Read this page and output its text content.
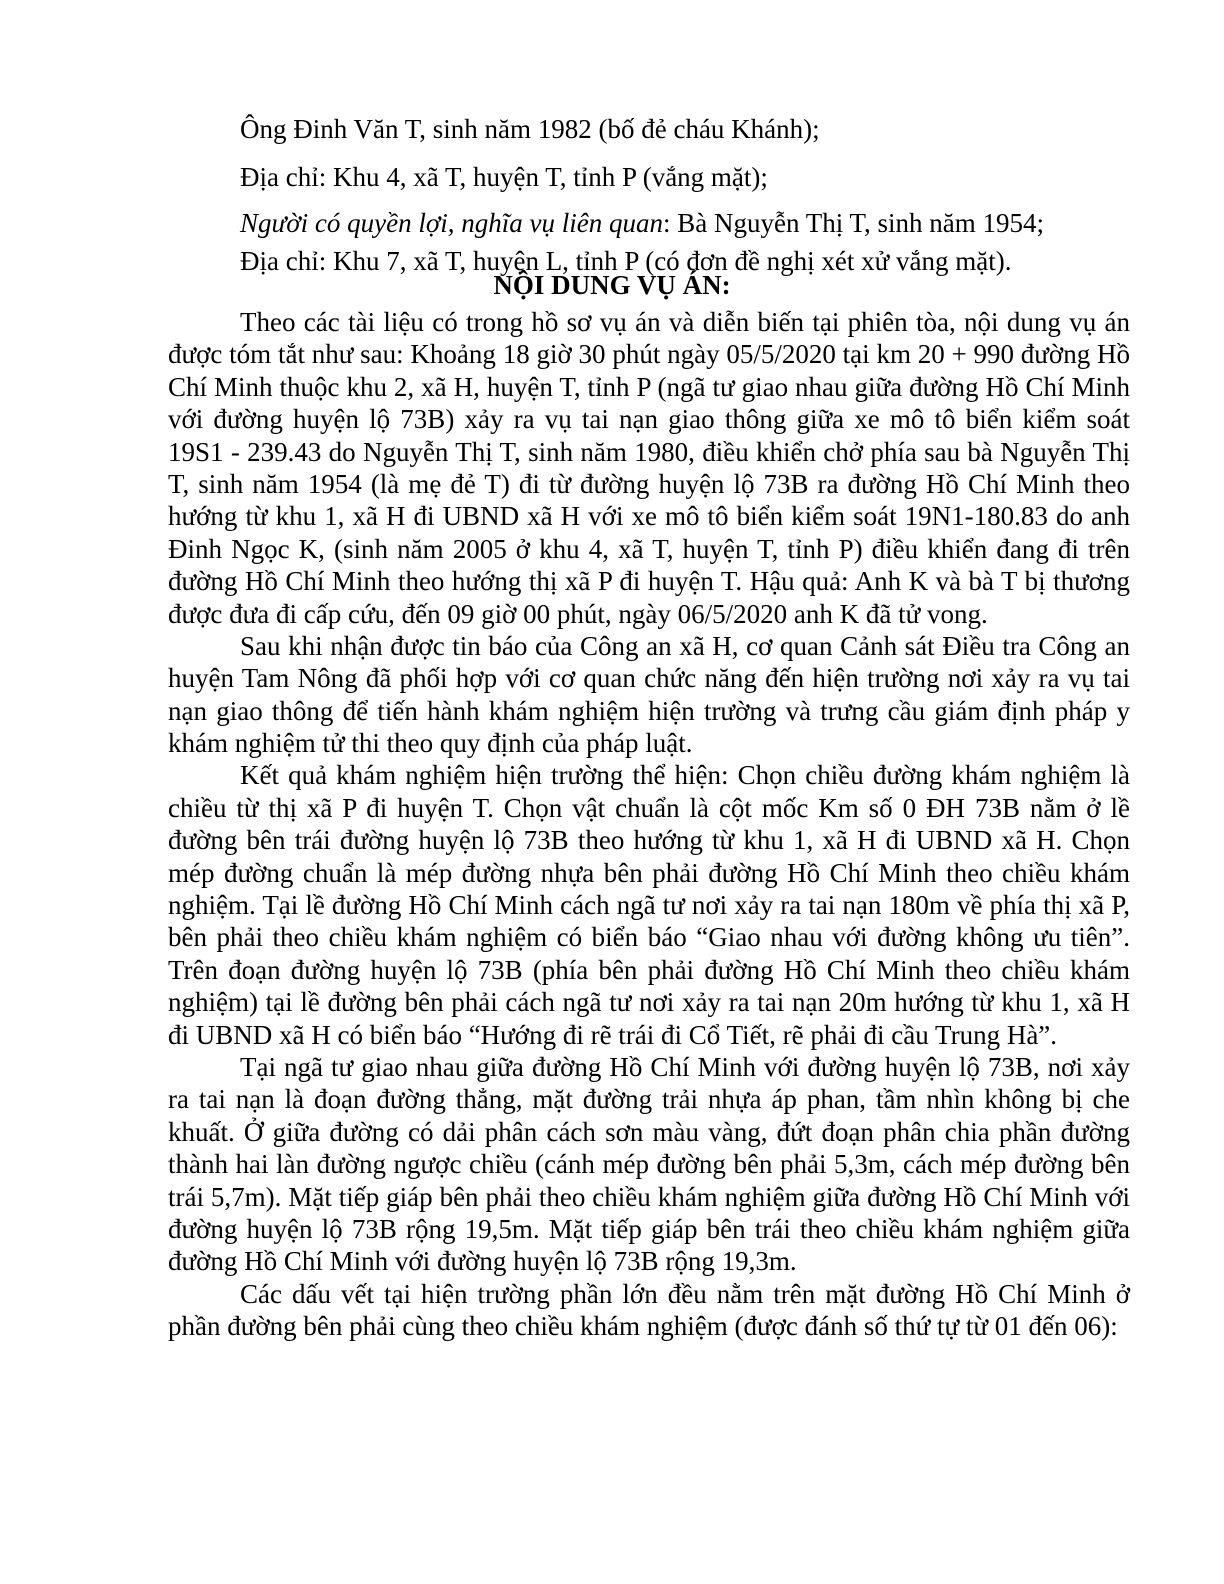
Ông Đinh Văn T, sinh năm 1982 (bố đẻ cháu Khánh);

Địa chỉ: Khu 4, xã T, huyện T, tỉnh P (vắng mặt);

Người có quyền lợi, nghĩa vụ liên quan: Bà Nguyễn Thị T, sinh năm 1954;

Địa chỉ: Khu 7, xã T, huyện L, tỉnh P (có đơn đề nghị xét xử vắng mặt).

NỘI DUNG VỤ ÁN:

Theo các tài liệu có trong hồ sơ vụ án và diễn biến tại phiên tòa, nội dung vụ án được tóm tắt như sau: Khoảng 18 giờ 30 phút ngày 05/5/2020 tại km 20 + 990 đường Hồ Chí Minh thuộc khu 2, xã H, huyện T, tỉnh P (ngã tư giao nhau giữa đường Hồ Chí Minh với đường huyện lộ 73B) xảy ra vụ tai nạn giao thông giữa xe mô tô biển kiểm soát 19S1 - 239.43 do Nguyễn Thị T, sinh năm 1980, điều khiển chở phía sau bà Nguyễn Thị T, sinh năm 1954 (là mẹ đẻ T) đi từ đường huyện lộ 73B ra đường Hồ Chí Minh theo hướng từ khu 1, xã H đi UBND xã H với xe mô tô biển kiểm soát 19N1-180.83 do anh Đinh Ngọc K, (sinh năm 2005 ở khu 4, xã T, huyện T, tỉnh P) điều khiển đang đi trên đường Hồ Chí Minh theo hướng thị xã P đi huyện T. Hậu quả: Anh K và bà T bị thương được đưa đi cấp cứu, đến 09 giờ 00 phút, ngày 06/5/2020 anh K đã tử vong.

Sau khi nhận được tin báo của Công an xã H, cơ quan Cảnh sát Điều tra Công an huyện Tam Nông đã phối hợp với cơ quan chức năng đến hiện trường nơi xảy ra vụ tai nạn giao thông để tiến hành khám nghiệm hiện trường và trưng cầu giám định pháp y khám nghiệm tử thi theo quy định của pháp luật.

Kết quả khám nghiệm hiện trường thể hiện: Chọn chiều đường khám nghiệm là chiều từ thị xã P đi huyện T. Chọn vật chuẩn là cột mốc Km số 0 ĐH 73B nằm ở lề đường bên trái đường huyện lộ 73B theo hướng từ khu 1, xã H đi UBND xã H. Chọn mép đường chuẩn là mép đường nhựa bên phải đường Hồ Chí Minh theo chiều khám nghiệm. Tại lề đường Hồ Chí Minh cách ngã tư nơi xảy ra tai nạn 180m về phía thị xã P, bên phải theo chiều khám nghiệm có biển báo “Giao nhau với đường không ưu tiên”. Trên đoạn đường huyện lộ 73B (phía bên phải đường Hồ Chí Minh theo chiều khám nghiệm) tại lề đường bên phải cách ngã tư nơi xảy ra tai nạn 20m hướng từ khu 1, xã H đi UBND xã H có biển báo “Hướng đi rẽ trái đi Cổ Tiết, rẽ phải đi cầu Trung Hà”.

Tại ngã tư giao nhau giữa đường Hồ Chí Minh với đường huyện lộ 73B, nơi xảy ra tai nạn là đoạn đường thẳng, mặt đường trải nhựa áp phan, tầm nhìn không bị che khuất. Ở giữa đường có dải phân cách sơn màu vàng, đứt đoạn phân chia phần đường thành hai làn đường ngược chiều (cánh mép đường bên phải 5,3m, cách mép đường bên trái 5,7m). Mặt tiếp giáp bên phải theo chiều khám nghiệm giữa đường Hồ Chí Minh với đường huyện lộ 73B rộng 19,5m. Mặt tiếp giáp bên trái theo chiều khám nghiệm giữa đường Hồ Chí Minh với đường huyện lộ 73B rộng 19,3m.

Các dấu vết tại hiện trường phần lớn đều nằm trên mặt đường Hồ Chí Minh ở phần đường bên phải cùng theo chiều khám nghiệm (được đánh số thứ tự từ 01 đến 06):
